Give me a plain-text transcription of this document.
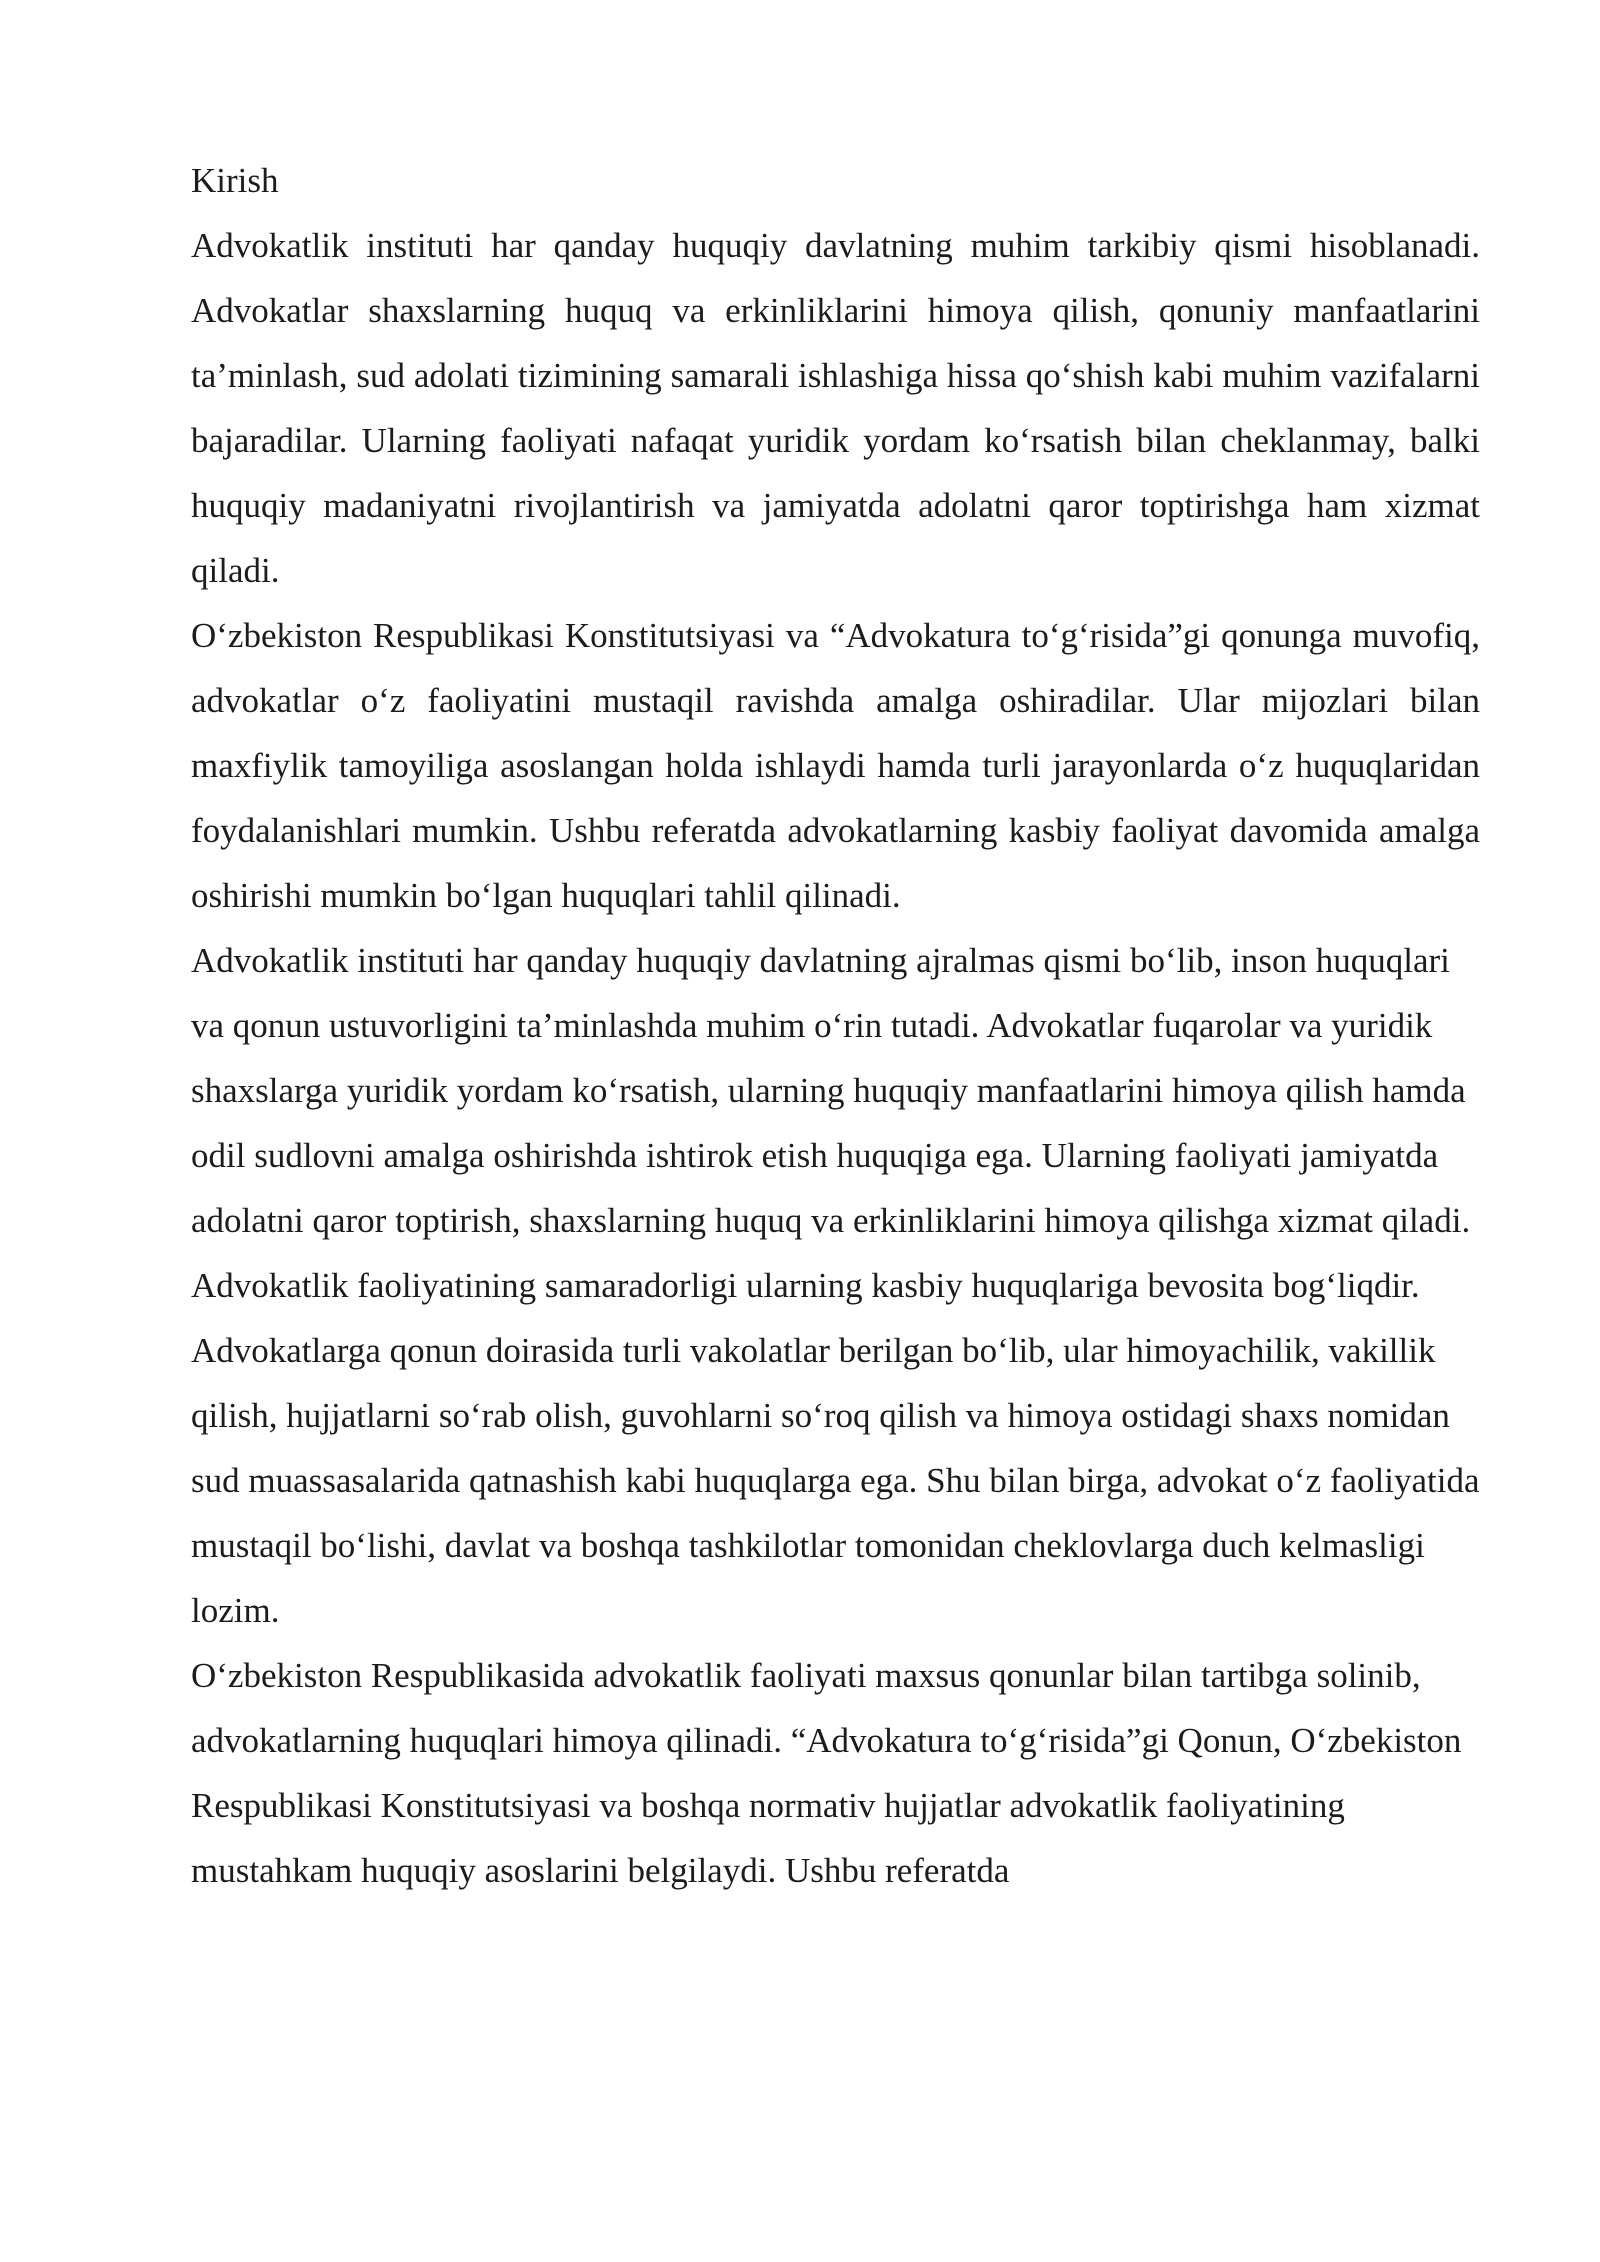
Kirish

Advokatlik instituti har qanday huquqiy davlatning muhim tarkibiy qismi hisoblanadi. Advokatlar shaxslarning huquq va erkinliklarini himoya qilish, qonuniy manfaatlarini ta’minlash, sud adolati tizimining samarali ishlashiga hissa qo‘shish kabi muhim vazifalarni bajaradilar. Ularning faoliyati nafaqat yuridik yordam ko‘rsatish bilan cheklanmay, balki huquqiy madaniyatni rivojlantirish va jamiyatda adolatni qaror toptirishga ham xizmat qiladi.

O‘zbekiston Respublikasi Konstitutsiyasi va “Advokatura to‘g‘risida”gi qonunga muvofiq, advokatlar o‘z faoliyatini mustaqil ravishda amalga oshiradilar. Ular mijozlari bilan maxfiylik tamoyiliga asoslangan holda ishlaydi hamda turli jarayonlarda o‘z huquqlaridan foydalanishlari mumkin. Ushbu referatda advokatlarning kasbiy faoliyat davomida amalga oshirishi mumkin bo‘lgan huquqlari tahlil qilinadi.

Advokatlik instituti har qanday huquqiy davlatning ajralmas qismi bo‘lib, inson huquqlari va qonun ustuvorligini ta’minlashda muhim o‘rin tutadi. Advokatlar fuqarolar va yuridik shaxslarga yuridik yordam ko‘rsatish, ularning huquqiy manfaatlarini himoya qilish hamda odil sudlovni amalga oshirishda ishtirok etish huquqiga ega. Ularning faoliyati jamiyatda adolatni qaror toptirish, shaxslarning huquq va erkinliklarini himoya qilishga xizmat qiladi.

Advokatlik faoliyatining samaradorligi ularning kasbiy huquqlariga bevosita bog‘liqdir. Advokatlarga qonun doirasida turli vakolatlar berilgan bo‘lib, ular himoyachilik, vakillik qilish, hujjatlarni so‘rab olish, guvohlarni so‘roq qilish va himoya ostidagi shaxs nomidan sud muassasalarida qatnashish kabi huquqlarga ega. Shu bilan birga, advokat o‘z faoliyatida mustaqil bo‘lishi, davlat va boshqa tashkilotlar tomonidan cheklovlarga duch kelmasligi lozim.

O‘zbekiston Respublikasida advokatlik faoliyati maxsus qonunlar bilan tartibga solinib, advokatlarning huquqlari himoya qilinadi. “Advokatura to‘g‘risida”gi Qonun, O‘zbekiston Respublikasi Konstitutsiyasi va boshqa normativ hujjatlar advokatlik faoliyatining mustahkam huquqiy asoslarini belgilaydi. Ushbu referatda
